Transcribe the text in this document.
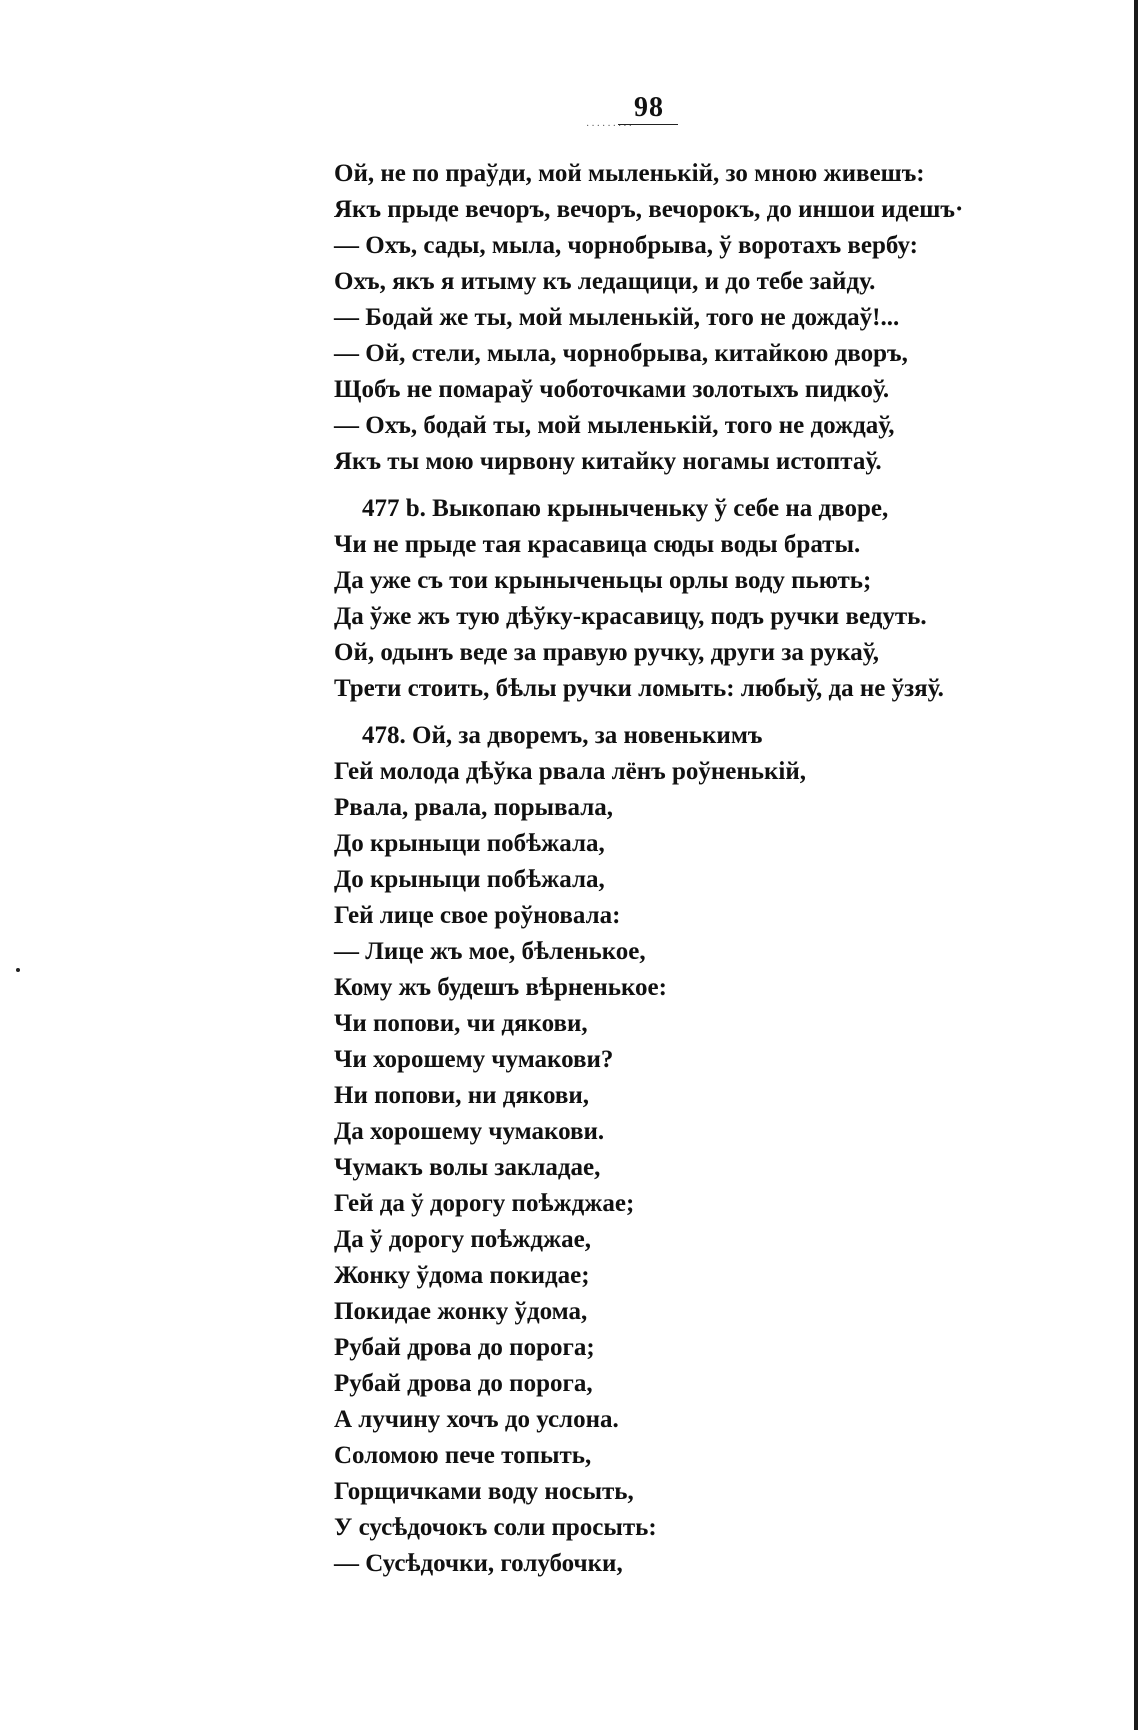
98
·········
Ой, не по праўди, мой мыленькій, зо мною живешъ:
Якъ прыде вечоръ, вечоръ, вечорокъ, до иншои идешъ·
— Охъ, сады, мыла, чорнобрыва, ў воротахъ вербу:
Охъ, якъ я итыму къ ледащици, и до тебе зайду.
— Бодай же ты, мой мыленькій, того не дождаў!...
— Ой, стели, мыла, чорнобрыва, китайкою дворъ,
Щобъ не помараў чоботочками золотыхъ пидкоў.
— Охъ, бодай ты, мой мыленькій, того не дождаў,
Якъ ты мою чирвону китайку ногамы истоптаў.
477 b. Выкопаю крыныченьку ў себе на дворе,
Чи не прыде тая красавица сюды воды браты.
Да уже съ тои крыныченьцы орлы воду пьють;
Да ўже жъ тую дѣўку-красавицу, подъ ручки ведуть.
Ой, одынъ веде за правую ручку, други за рукаў,
Трети стоить, бѣлы ручки ломыть: любыў, да не ўзяў.
478. Ой, за дворемъ, за новенькимъ
Гей молода дѣўка рвала лёнъ роўненькій,
Рвала, рвала, порывала,
До крыныци побѣжала,
До крыныци побѣжала,
Гей лице свое роўновала:
— Лице жъ мое, бѣленькое,
Кому жъ будешъ вѣрненькое:
Чи попови, чи дякови,
Чи хорошему чумакови?
Ни попови, ни дякови,
Да хорошему чумакови.
Чумакъ волы закладае,
Гей да ў дорогу поѣжджае;
Да ў дорогу поѣжджае,
Жонку ўдома покидае;
Покидае жонку ўдома,
Рубай дрова до порога;
Рубай дрова до порога,
А лучину хочъ до услона.
Соломою пече топыть,
Горщичками воду носыть,
У сусѣдочокъ соли просыть:
— Сусѣдочки, голубочки,
